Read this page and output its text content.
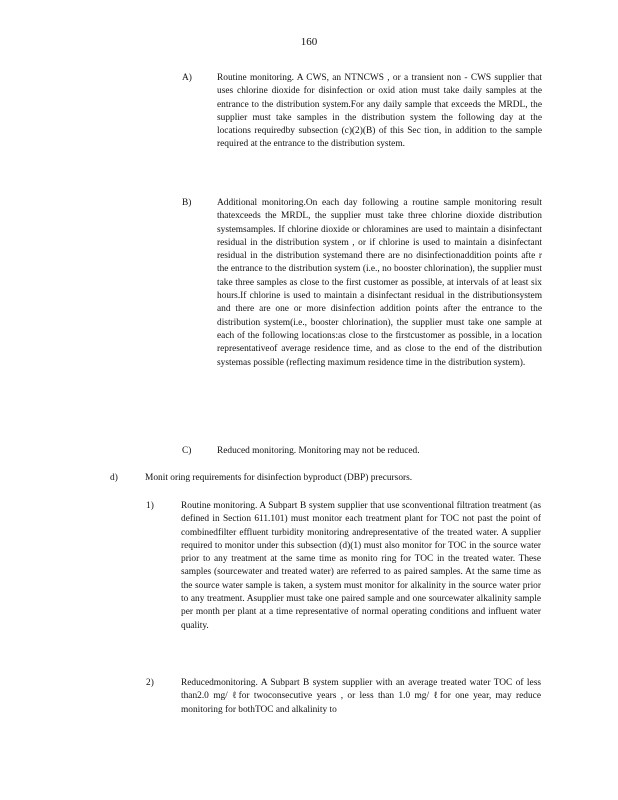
160
A)	Routine monitoring. A CWS, an NTNCWS , or a transient non - CWS supplier that uses chlorine dioxide for disinfection or oxid ation must take daily samples at the entrance to the distribution system.For any daily sample that exceeds the MRDL, the supplier must take samples in the distribution system the following day at the locations requiredby subsection (c)(2)(B) of this Sec tion, in addition to the sample required at the entrance to the distribution system.
B)	Additional monitoring.On each day following a routine sample monitoring result thatexceeds the MRDL, the supplier must take three chlorine dioxide distribution systemsamples. If chlorine dioxide or chloramines are used to maintain a disinfectant residual in the distribution system , or if chlorine is used to maintain a disinfectant residual in the distribution systemand there are no disinfectionaddition points afte r the entrance to the distribution system (i.e., no booster chlorination), the supplier must take three samples as close to the first customer as possible, at intervals of at least six hours.If chlorine is used to maintain a disinfectant residual in the distributionsystem and there are one or more disinfection addition points after the entrance to the distribution system(i.e., booster chlorination), the supplier must take one sample at each of the following locations:as close to the firstcustomer as possible, in a location representativeof average residence time, and as close to the end of the distribution systemas possible (reflecting maximum residence time in the distribution system).
C)	Reduced monitoring. Monitoring may not be reduced.
d)	Monit oring requirements for disinfection byproduct (DBP) precursors.
1)	Routine monitoring. A Subpart B system supplier that use sconventional filtration treatment (as defined in Section 611.101) must monitor each treatment plant for TOC not past the point of combinedfilter effluent turbidity monitoring andrepresentative of the treated water. A supplier required to monitor under this subsection (d)(1) must also monitor for TOC in the source water prior to any treatment at the same time as monito ring for TOC in the treated water. These samples (sourcewater and treated water) are referred to as paired samples. At the same time as the source water sample is taken, a system must monitor for alkalinity in the source water prior to any treatment. Asupplier must take one paired sample and one sourcewater alkalinity sample per month per plant at a time representative of normal operating conditions and influent water quality.
2)	Reducedmonitoring. A Subpart B system supplier with an average treated water TOC of less than2.0 mg/ ℓfor twoconsecutive years , or less than 1.0 mg/ ℓfor one year, may reduce monitoring for bothTOC and alkalinity to
